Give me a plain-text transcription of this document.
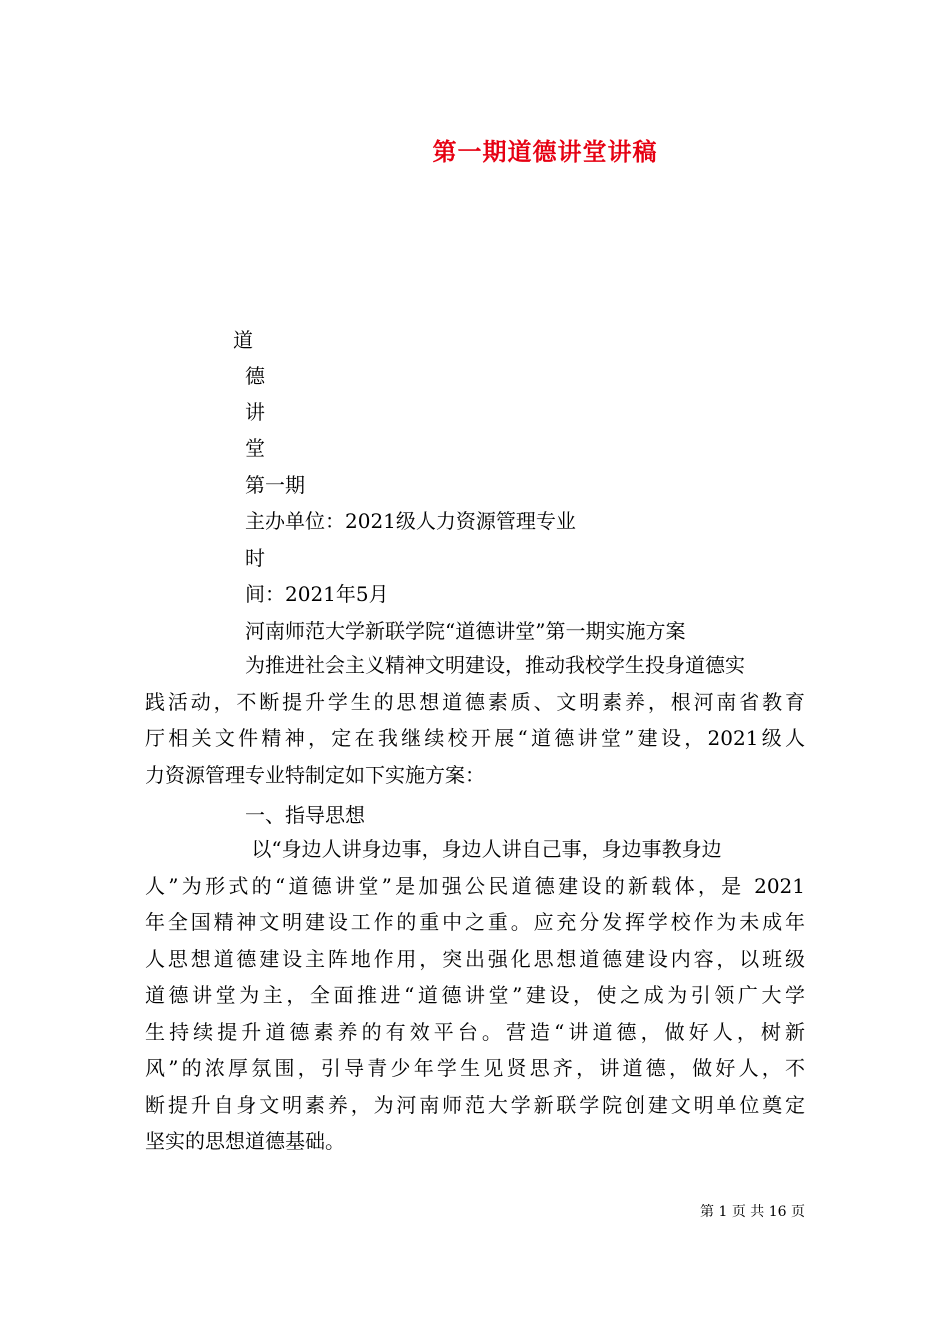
第一期道德讲堂讲稿
道
德
讲
堂
第一期
主办单位：2021级人力资源管理专业
时
间：2021年5月
河南师范大学新联学院“道德讲堂”第一期实施方案
为推进社会主义精神文明建设，推动我校学生投身道德实
践活动，不断提升学生的思想道德素质、文明素养，根河南省教育
厅相关文件精神，定在我继续校开展“道德讲堂”建设，2021级人
力资源管理专业特制定如下实施方案：
一、指导思想
以“身边人讲身边事，身边人讲自己事，身边事教身边
人”为形式的“道德讲堂”是加强公民道德建设的新载体，是 2021
年全国精神文明建设工作的重中之重。应充分发挥学校作为未成年
人思想道德建设主阵地作用，突出强化思想道德建设内容，以班级
道德讲堂为主，全面推进“道德讲堂”建设，使之成为引领广大学
生持续提升道德素养的有效平台。营造“讲道德，做好人，树新
风”的浓厚氛围，引导青少年学生见贤思齐，讲道德，做好人，不
断提升自身文明素养，为河南师范大学新联学院创建文明单位奠定
坚实的思想道德基础。
第 1 页 共 16 页
